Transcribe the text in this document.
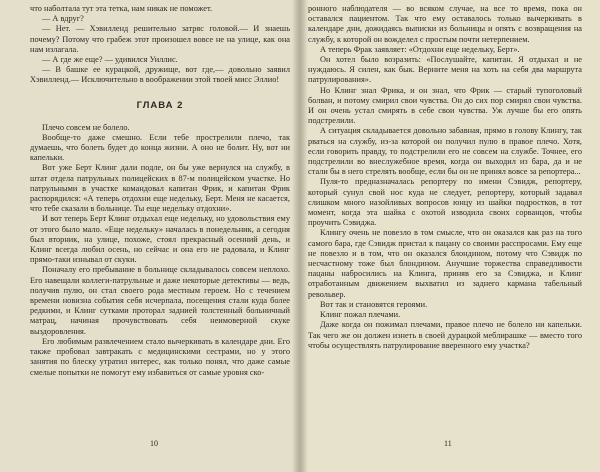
что наболтала тут эта тетка, нам никак не поможет.

— А вдруг?

— Нет. — Хэвилленд решительно затряс головой.— И знаешь почему? Потому что грабеж этот произошел вовсе не на улице, как она нам излагала.

— А где же еще? — удивился Уиллис.

— В башке ее курацкой, дружище, вот где,— довольно заявил Хэвилленд.— Исключительно в воображении этой твоей мисс Эллио!

ГЛАВА 2

Плечо совсем не болело.

Вообще-то даже смешно. Если тебе прострелили плечо, так думаешь, что болеть будет до конца жизни. А оно не болит. Ну, вот ни капельки.

Вот уже Берт Клинг дали подле, он бы уже вернулся на службу, в штат отдела патрульных полицейских в 87-м полицейском участке. Но патрульными в участке командовал капитан Фрик, и капитан Фрик распорядился: «А теперь отдохни еще недельку, Берт. Меня не касается, что тебе сказали в больнице. Ты еще недельку отдохни».

И вот теперь Берт Клинг отдыхал еще недельку, но удовольствия ему от этого было мало. «Еще недельку» началась в понедельник, а сегодня был вторник, на улице, похоже, стоял прекрасный осенний день, и Клинг всегда любил осень, но сейчас и она его не радовала, и Клинг прямо-таки изнывал от скуки.

Поначалу его пребывание в больнице складывалось совсем неплохо. Его навещали коллеги-патрульные и даже некоторые детективы — ведь, получив пулю, он стал своего рода местным героем. Но с течением времени новизна события себя исчерпала, посещения стали куда более редкими, и Клинг сутками проторал заднией толстенный больничный матрац, начиная прочувствовать себя неимоверной скуке выздоровления.

Его любимым развлечением стало вычеркивать в календаре дни. Его также пробовал завтракать с медицинскими сестрами, но у этого занятия по блеску утратил интерес, как только понял, что даже самые смелые попытки не помогут ему избавиться от самые уровня ско-

10

ронного наблюдателя — во всяком случае, на все то время, пока он оставался пациентом. Так что ему оставалось только вычеркивать в календаре дни, дожидаясь выписки из больницы и опять с возвращения на службу, к которой он вожделел с простым почти нетерпением.

А теперь Фрак заявляет: «Отдохни еще недельку, Берт».

Он хотел было возразить: «Послушайте, капитан. Я отдыхал и не нуждаюсь. Я силен, как бык. Верните меня на хоть на себя два маршрута патрулирования».

Но Клинг знал Фрика, и он знал, что Фрик — старый тупоголовый болван, и потому смирил свои чувства. Он до сих пор смирял свои чувства. И он очень устал смирять в себе свои чувства. Уж лучше бы его опять подстрелили.

А ситуация складывается довольно забавная, прямо в голову Клингу, так рваться на службу, из-за которой он получил пулю в правое плечо. Хотя, если говорить правду, то подстрелили его не совсем на службе. Точнее, его подстрелили во внеслужебное время, когда он выходил из бара, да и не стали бы в него стрелять вообще, если бы он не принял вовсе за репортера...

Пуля-то предназначалась репортеру по имени Сэвидж, репортеру, который сунул свой нос куда не следует, репортеру, который задавал слишком много назойливых вопросов юнцу из шайки подростков, в тот момент, когда эта шайка с охотой изводила своих сорванцов, чтобы проучить Сэвиджа.

Клингу очень не повезло в том смысле, что он оказался как раз на того самого бара, где Сэвидж пристал к пацану со своими расспросами. Ему еще не повезло и в том, что он оказался блондином, потому что Сэвидж по несчастному тоже был блондином. Анучшие торжества справедливости пацаны набросились на Клинга, приняв его за Сэвиджа, и Клинг отработанным движением выхватил из заднего кармана табельный револьвер.

Вот так и становятся героями.

Клинг пожал плечами.

Даже когда он пожимал плечами, правое плечо не болело ни капельки. Так чего же он должен изнеть в своей дурацкой меблирашке — вместо того чтобы осуществлять патрулирование вверенного ему участка?

11
